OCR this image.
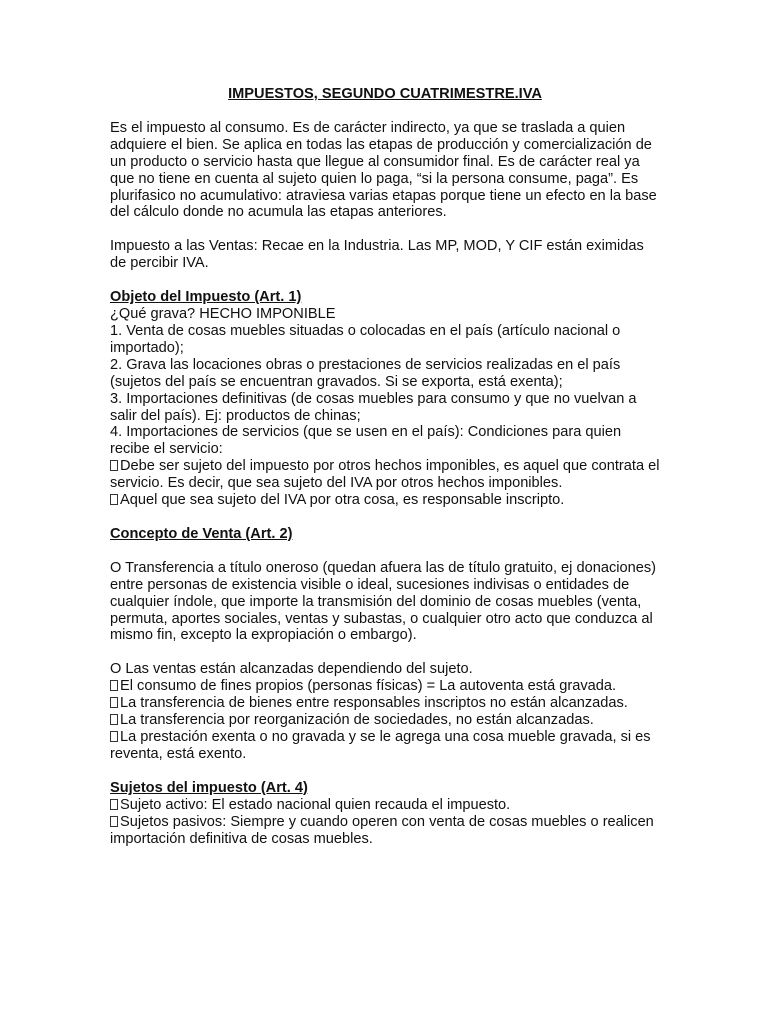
IMPUESTOS, SEGUNDO CUATRIMESTRE.IVA

Es el impuesto al consumo. Es de carácter indirecto, ya que se traslada a quien adquiere el bien. Se aplica en todas las etapas de producción y comercialización de un producto o servicio hasta que llegue al consumidor final. Es de carácter real ya que no tiene en cuenta al sujeto quien lo paga, “si la persona consume, paga”. Es plurifasico no acumulativo: atraviesa varias etapas porque tiene un efecto en la base del cálculo donde no acumula las etapas anteriores.

Impuesto a las Ventas: Recae en la Industria. Las MP, MOD, Y CIF están eximidas de percibir IVA.

Objeto del Impuesto (Art. 1)

¿Qué grava? HECHO IMPONIBLE

1. Venta de cosas muebles situadas o colocadas en el país (artículo nacional o importado);

2. Grava las locaciones obras o prestaciones de servicios realizadas en el país (sujetos del país se encuentran gravados. Si se exporta, está exenta);

3. Importaciones definitivas (de cosas muebles para consumo y que no vuelvan a salir del país). Ej: productos de chinas;

4. Importaciones de servicios (que se usen en el país): Condiciones para quien recibe el servicio:

Debe ser sujeto del impuesto por otros hechos imponibles, es aquel que contrata el servicio. Es decir, que sea sujeto del IVA por otros hechos imponibles.

Aquel que sea sujeto del IVA por otra cosa, es responsable inscripto.

Concepto de Venta (Art. 2)

O Transferencia a título oneroso (quedan afuera las de título gratuito, ej donaciones) entre personas de existencia visible o ideal, sucesiones indivisas o entidades de cualquier índole, que importe la transmisión del dominio de cosas muebles (venta, permuta, aportes sociales, ventas y subastas, o cualquier otro acto que conduzca al mismo fin, excepto la expropiación o embargo).

O Las ventas están alcanzadas dependiendo del sujeto.

El consumo de fines propios (personas físicas) = La autoventa está gravada.

La transferencia de bienes entre responsables inscriptos no están alcanzadas.

La transferencia por reorganización de sociedades, no están alcanzadas.

La prestación exenta o no gravada y se le agrega una cosa mueble gravada, si es reventa, está exento.

Sujetos del impuesto (Art. 4)

Sujeto activo: El estado nacional quien recauda el impuesto.

Sujetos pasivos: Siempre y cuando operen con venta de cosas muebles o realicen importación definitiva de cosas muebles.
